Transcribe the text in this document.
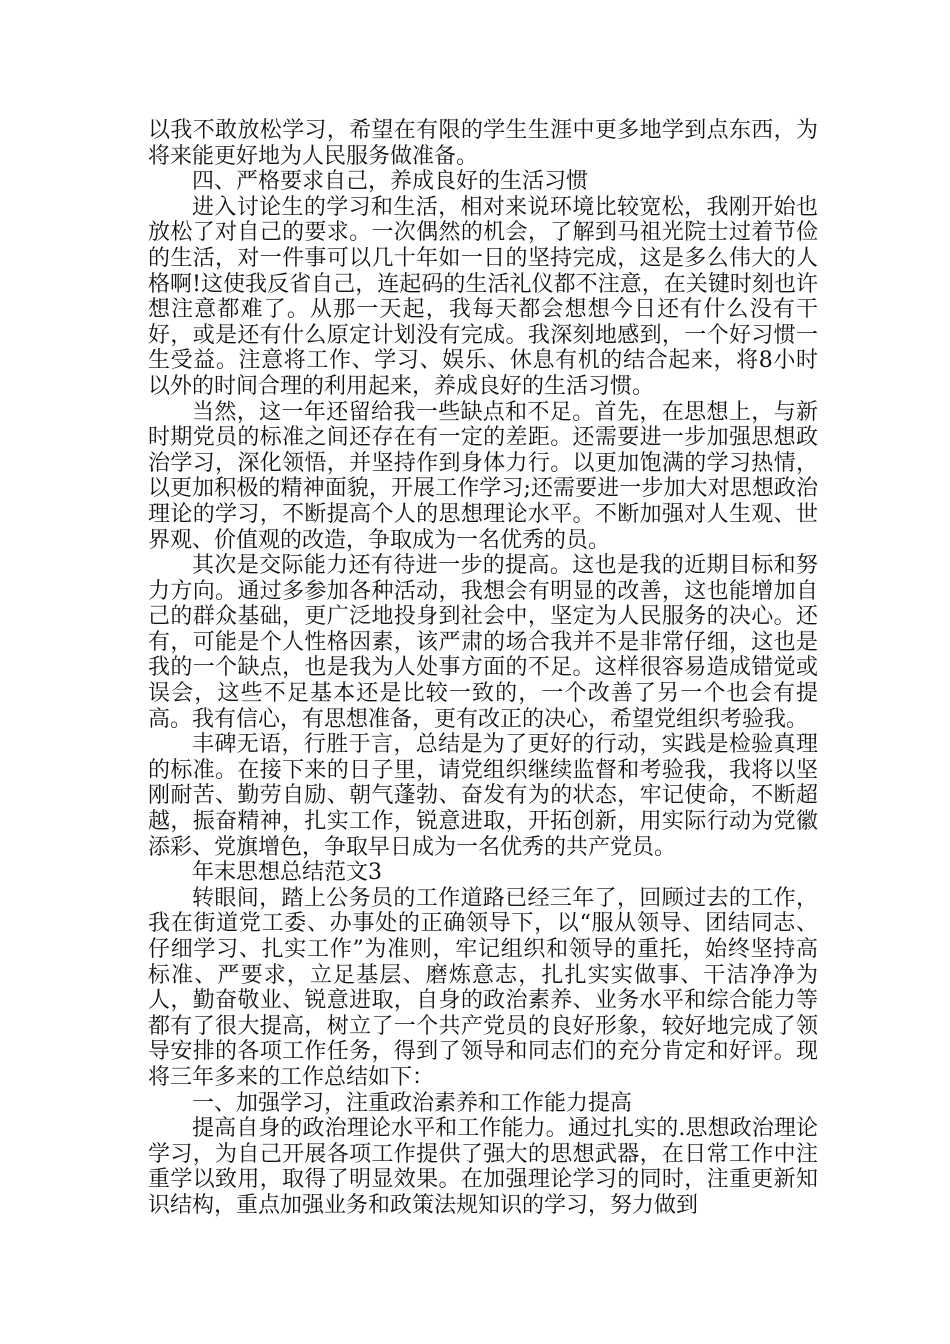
以我不敢放松学习，希望在有限的学生生涯中更多地学到点东西，为将来能更好地为人民服务做准备。

四、严格要求自己，养成良好的生活习惯

进入讨论生的学习和生活，相对来说环境比较宽松，我刚开始也放松了对自己的要求。一次偶然的机会，了解到马祖光院士过着节俭的生活，对一件事可以几十年如一日的坚持完成，这是多么伟大的人格啊!这使我反省自己，连起码的生活礼仪都不注意，在关键时刻也许想注意都难了。从那一天起，我每天都会想想今日还有什么没有干好，或是还有什么原定计划没有完成。我深刻地感到，一个好习惯一生受益。注意将工作、学习、娱乐、休息有机的结合起来，将8小时以外的时间合理的利用起来，养成良好的生活习惯。

当然，这一年还留给我一些缺点和不足。首先，在思想上，与新时期党员的标准之间还存在有一定的差距。还需要进一步加强思想政治学习，深化领悟，并坚持作到身体力行。以更加饱满的学习热情，以更加积极的精神面貌，开展工作学习;还需要进一步加大对思想政治理论的学习，不断提高个人的思想理论水平。不断加强对人生观、世界观、价值观的改造，争取成为一名优秀的员。

其次是交际能力还有待进一步的提高。这也是我的近期目标和努力方向。通过多参加各种活动，我想会有明显的改善，这也能增加自己的群众基础，更广泛地投身到社会中，坚定为人民服务的决心。还有，可能是个人性格因素，该严肃的场合我并不是非常仔细，这也是我的一个缺点，也是我为人处事方面的不足。这样很容易造成错觉或误会，这些不足基本还是比较一致的，一个改善了另一个也会有提高。我有信心，有思想准备，更有改正的决心，希望党组织考验我。

丰碑无语，行胜于言，总结是为了更好的行动，实践是检验真理的标准。在接下来的日子里，请党组织继续监督和考验我，我将以坚刚耐苦、勤劳自励、朝气蓬勃、奋发有为的状态，牢记使命，不断超越，振奋精神，扎实工作，锐意进取，开拓创新，用实际行动为党徽添彩、党旗增色，争取早日成为一名优秀的共产党员。

年末思想总结范文3

转眼间，踏上公务员的工作道路已经三年了，回顾过去的工作，我在街道党工委、办事处的正确领导下，以“服从领导、团结同志、仔细学习、扎实工作”为准则，牢记组织和领导的重托，始终坚持高标准、严要求，立足基层、磨炼意志，扎扎实实做事、干洁净净为人，勤奋敬业、锐意进取，自身的政治素养、业务水平和综合能力等都有了很大提高，树立了一个共产党员的良好形象，较好地完成了领导安排的各项工作任务，得到了领导和同志们的充分肯定和好评。现将三年多来的工作总结如下：

一、加强学习，注重政治素养和工作能力提高

提高自身的政治理论水平和工作能力。通过扎实的.思想政治理论学习，为自己开展各项工作提供了强大的思想武器，在日常工作中注重学以致用，取得了明显效果。在加强理论学习的同时，注重更新知识结构，重点加强业务和政策法规知识的学习，努力做到
